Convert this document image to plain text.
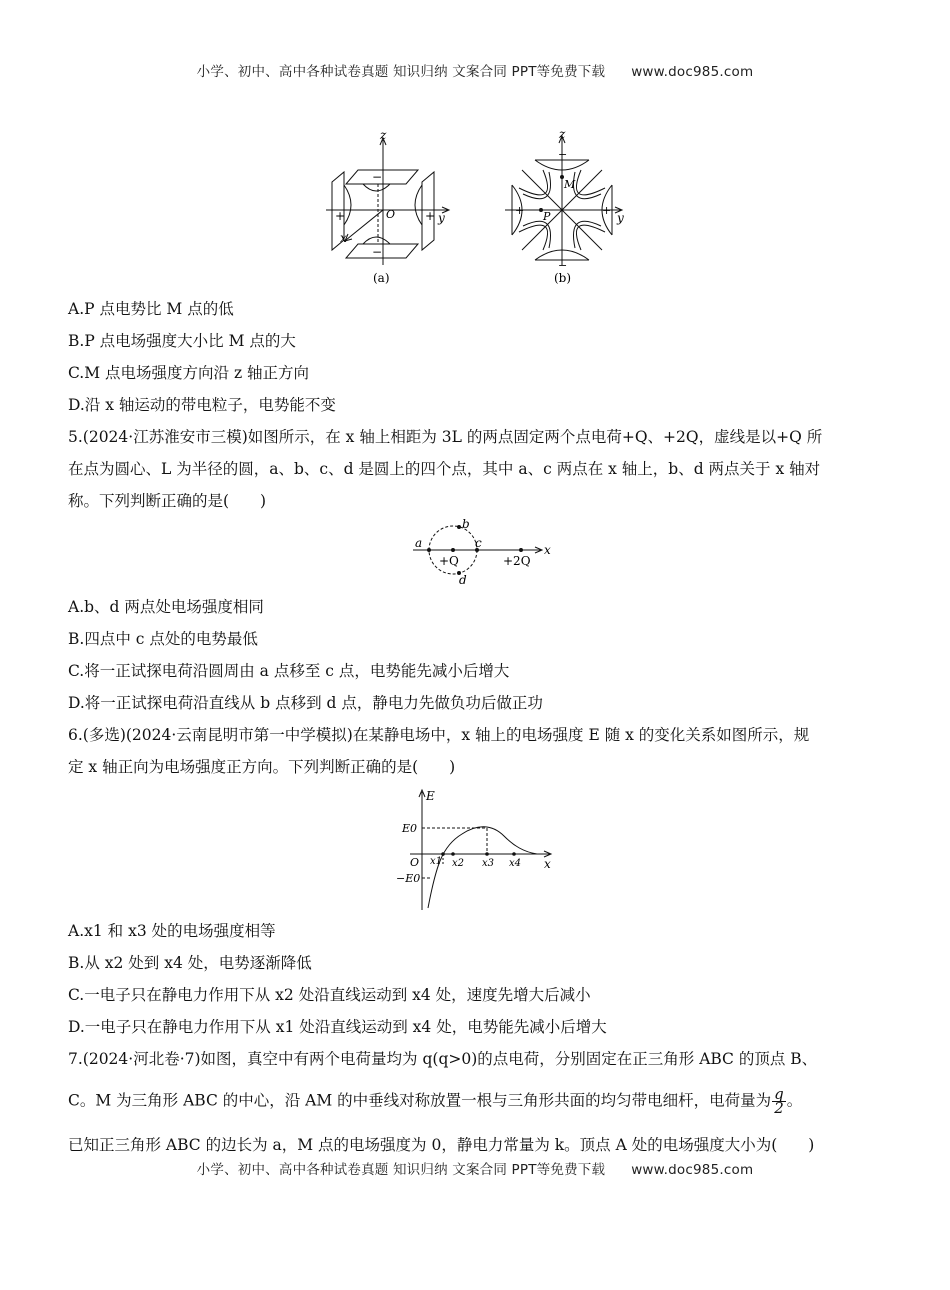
小学、初中、高中各种试卷真题 知识归纳 文案合同 PPT等免费下载 www.doc985.com
z
y
x
O
−
−
+	+
(a)
z
y
M
P
−
−
+	+
(b)
A.P 点电势比 M 点的低
B.P 点电场强度大小比 M 点的大
C.M 点电场强度方向沿 z 轴正方向
D.沿 x 轴运动的带电粒子，电势能不变
5.(2024·江苏淮安市三模)如图所示，在 x 轴上相距为 3L 的两点固定两个点电荷+Q、+2Q，虚线是以+Q 所
在点为圆心、L 为半径的圆，a、b、c、d 是圆上的四个点，其中 a、c 两点在 x 轴上，b、d 两点关于 x 轴对
称。下列判断正确的是(　　)
a
b
c
d
+Q	+2Q
x
A.b、d 两点处电场强度相同
B.四点中 c 点处的电势最低
C.将一正试探电荷沿圆周由 a 点移至 c 点，电势能先减小后增大
D.将一正试探电荷沿直线从 b 点移到 d 点，静电力先做负功后做正功
6.(多选)(2024·云南昆明市第一中学模拟)在某静电场中，x 轴上的电场强度 E 随 x 的变化关系如图所示，规
定 x 轴正向为电场强度正方向。下列判断正确的是(　　)
E
E0
−E0
O	x
x1 x2 x3 x4
A.x1 和 x3 处的电场强度相等
B.从 x2 处到 x4 处，电势逐渐降低
C.一电子只在静电力作用下从 x2 处沿直线运动到 x4 处，速度先增大后减小
D.一电子只在静电力作用下从 x1 处沿直线运动到 x4 处，电势能先减小后增大
7.(2024·河北卷·7)如图，真空中有两个电荷量均为 q(q>0)的点电荷，分别固定在正三角形 ABC 的顶点 B、
C。M 为三角形 ABC 的中心，沿 AM 的中垂线对称放置一根与三角形共面的均匀带电细杆，电荷量为 $\frac{q}{2}$ 。
已知正三角形 ABC 的边长为 a，M 点的电场强度为 0，静电力常量为 k。顶点 A 处的电场强度大小为(　　)
小学、初中、高中各种试卷真题 知识归纳 文案合同 PPT等免费下载 www.doc985.com
